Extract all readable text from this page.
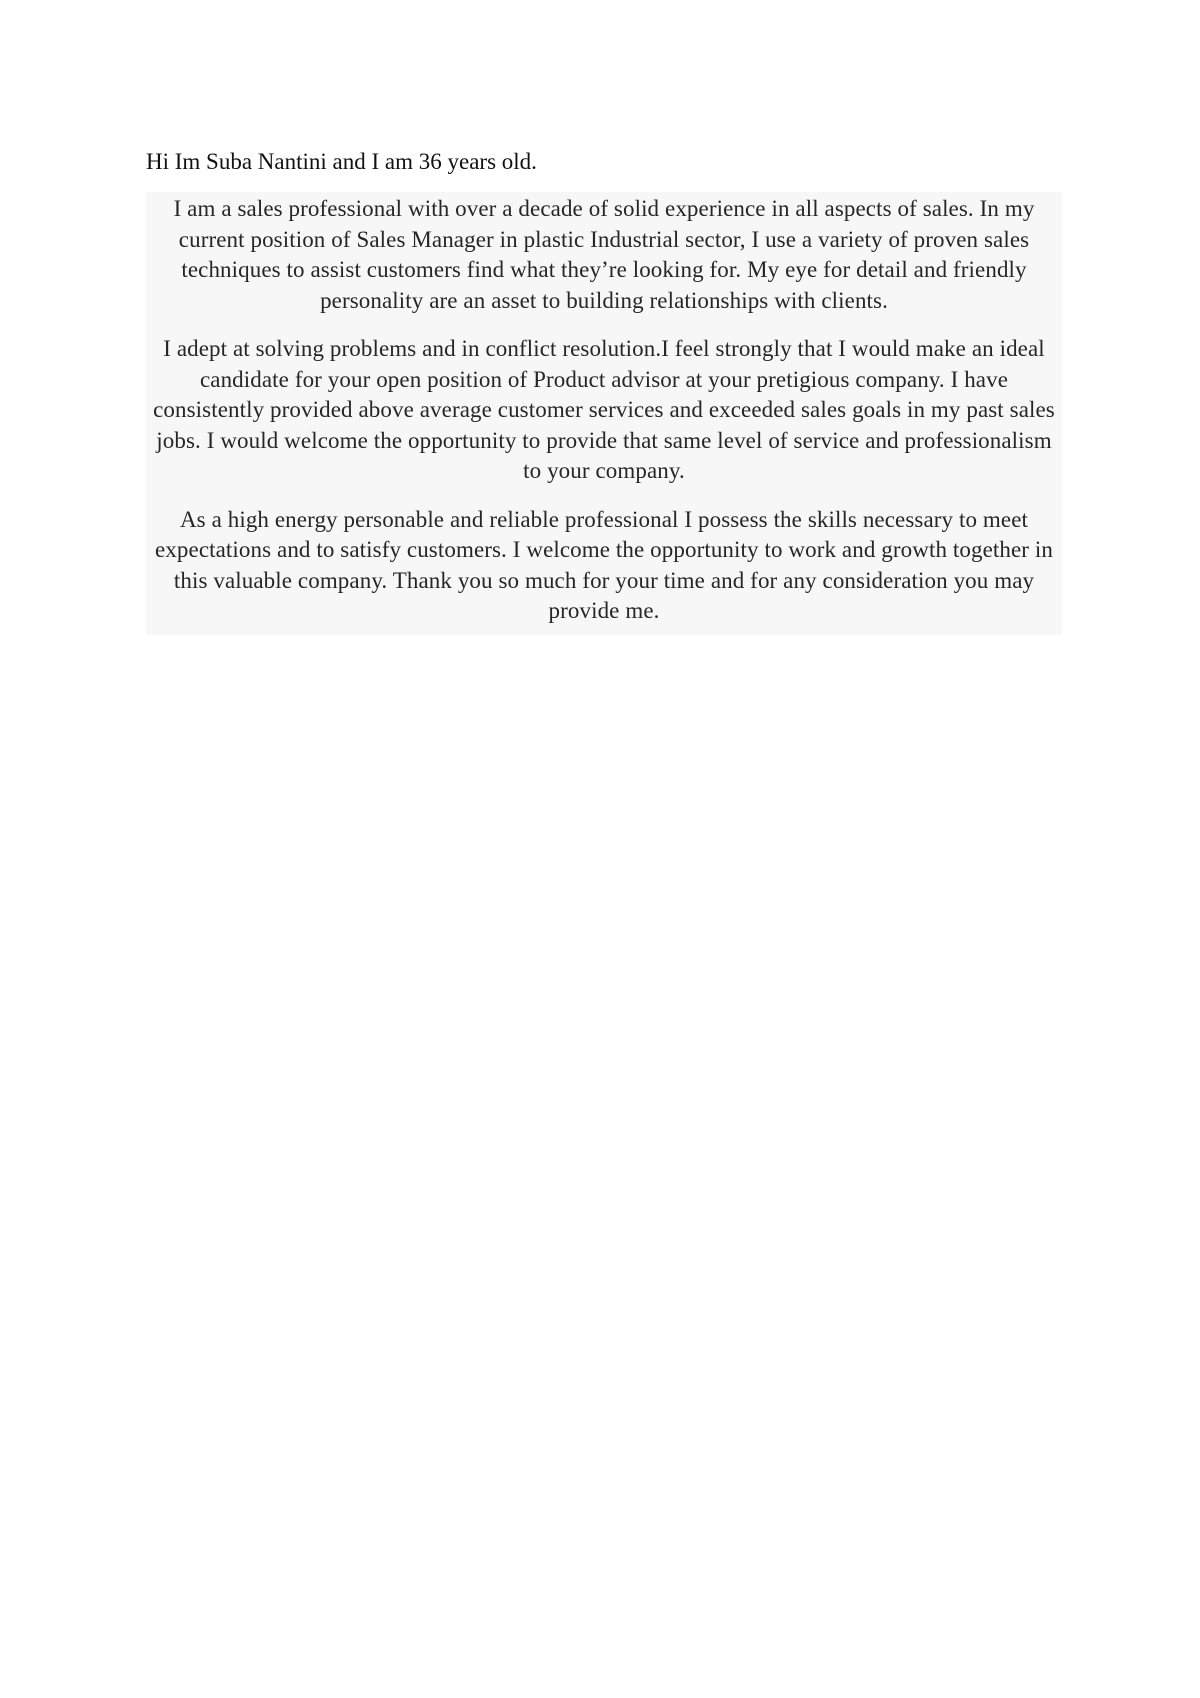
Hi Im Suba Nantini and I am 36 years old.

I am a sales professional with over a decade of solid experience in all aspects of sales. In my current position of Sales Manager in plastic Industrial sector, I use a variety of proven sales techniques to assist customers find what they’re looking for. My eye for detail and friendly personality are an asset to building relationships with clients.

I adept at solving problems and in conflict resolution.I feel strongly that I would make an ideal candidate for your open position of Product advisor at your pretigious company. I have consistently provided above average customer services and exceeded sales goals in my past sales jobs. I would welcome the opportunity to provide that same level of service and professionalism to your company.

As a high energy personable and reliable professional I possess the skills necessary to meet expectations and to satisfy customers. I welcome the opportunity to work and growth together in this valuable company. Thank you so much for your time and for any consideration you may provide me.
